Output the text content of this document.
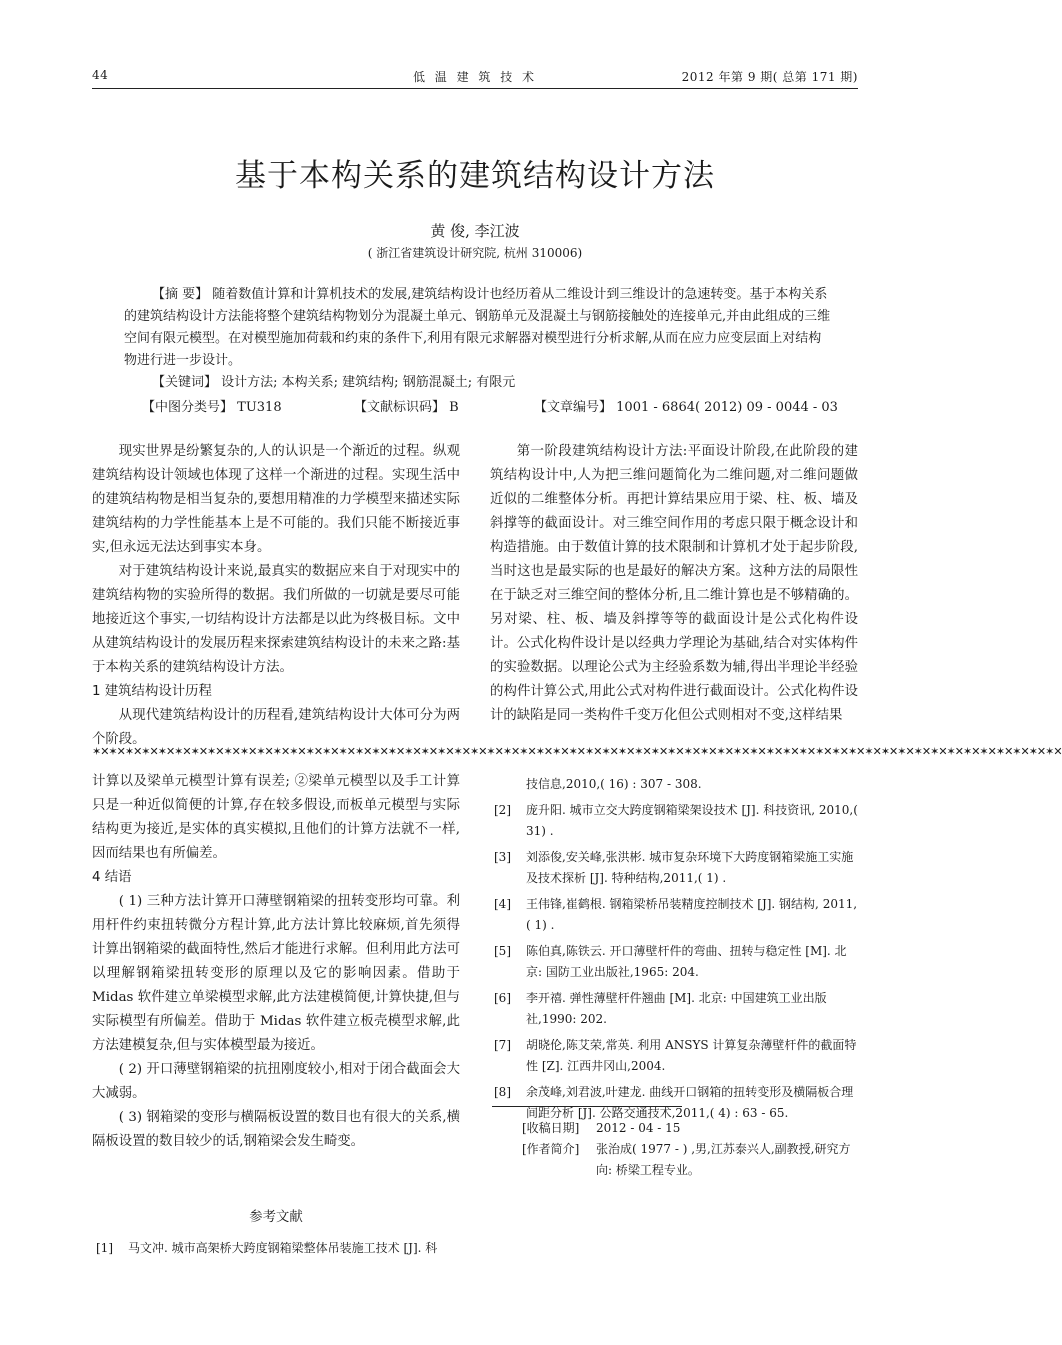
44	低 温 建 筑 技 术	2012 年第 9 期( 总第 171 期)
基于本构关系的建筑结构设计方法
黄 俊, 李江波
( 浙江省建筑设计研究院, 杭州 310006)

【摘 要】 随着数值计算和计算机技术的发展,建筑结构设计也经历着从二维设计到三维设计的急速转变。基于本构关系的建筑结构设计方法能将整个建筑结构物划分为混凝土单元、钢筋单元及混凝土与钢筋接触处的连接单元,并由此组成的三维空间有限元模型。在对模型施加荷载和约束的条件下,利用有限元求解器对模型进行分析求解,从而在应力应变层面上对结构物进行进一步设计。

【关键词】 设计方法; 本构关系; 建筑结构; 钢筋混凝土; 有限元

【中图分类号】 TU318	【文献标识码】 B	【文章编号】 1001 - 6864( 2012) 09 - 0044 - 03

现实世界是纷繁复杂的,人的认识是一个渐近的过程。纵观建筑结构设计领域也体现了这样一个渐进的过程。实现生活中的建筑结构物是相当复杂的,要想用精准的力学模型来描述实际建筑结构的力学性能基本上是不可能的。我们只能不断接近事实,但永远无法达到事实本身。

对于建筑结构设计来说,最真实的数据应来自于对现实中的建筑结构物的实验所得的数据。我们所做的一切就是要尽可能地接近这个事实,一切结构设计方法都是以此为终极目标。文中从建筑结构设计的发展历程来探索建筑结构设计的未来之路:基于本构关系的建筑结构设计方法。

1 建筑结构设计历程

从现代建筑结构设计的历程看,建筑结构设计大体可分为两个阶段。

第一阶段建筑结构设计方法:平面设计阶段,在此阶段的建筑结构设计中,人为把三维问题简化为二维问题,对二维问题做近似的二维整体分析。再把计算结果应用于梁、柱、板、墙及斜撑等的截面设计。对三维空间作用的考虑只限于概念设计和构造措施。由于数值计算的技术限制和计算机才处于起步阶段,当时这也是最实际的也是最好的解决方案。这种方法的局限性在于缺乏对三维空间的整体分析,且二维计算也是不够精确的。另对梁、柱、板、墙及斜撑等等的截面设计是公式化构件设计。公式化构件设计是以经典力学理论为基础,结合对实体构件的实验数据。以理论公式为主经验系数为辅,得出半理论半经验的构件计算公式,用此公式对构件进行截面设计。公式化构件设计的缺陷是同一类构件千变万化但公式则相对不变,这样结果

✶✕✶✕✶✕✶✕✶✕✶✕✶✕✶✕✶✕✶✕✶✕✶✕✶✕✶✕✶✕✶✕✶✕✶✕✶✕✶✕✶✕✶✕✶✕✶✕✶✕✶✕✶✕✶✕✶✕✶✕✶✕✶✕✶✕✶✕✶✕✶✕✶✕✶✕✶✕✶✕✶✕✶✕✶✕✶✕✶✕✶✕✶✕✶✕✶✕✶✕✶✕✶✕✶✕✶✕✶✕✶✕✶✕✶✕✶✕

计算以及梁单元模型计算有误差; ②梁单元模型以及手工计算只是一种近似简便的计算,存在较多假设,而板单元模型与实际结构更为接近,是实体的真实模拟,且他们的计算方法就不一样,因而结果也有所偏差。

4 结语

( 1) 三种方法计算开口薄壁钢箱梁的扭转变形均可靠。利用杆件约束扭转微分方程计算,此方法计算比较麻烦,首先须得计算出钢箱梁的截面特性,然后才能进行求解。但利用此方法可以理解钢箱梁扭转变形的原理以及它的影响因素。借助于 Midas 软件建立单梁模型求解,此方法建模简便,计算快捷,但与实际模型有所偏差。借助于 Midas 软件建立板壳模型求解,此方法建模复杂,但与实体模型最为接近。

( 2) 开口薄壁钢箱梁的抗扭刚度较小,相对于闭合截面会大大减弱。

( 3) 钢箱梁的变形与横隔板设置的数目也有很大的关系,横隔板设置的数目较少的话,钢箱梁会发生畸变。

参考文献
[1] 马文冲. 城市高架桥大跨度钢箱梁整体吊装施工技术 [J]. 科
技信息,2010,( 16) : 307 - 308.
[2] 庞升阳. 城市立交大跨度钢箱梁架设技术 [J]. 科技资讯, 2010,( 31) .
[3] 刘添俊,安关峰,张洪彬. 城市复杂环境下大跨度钢箱梁施工实施及技术探析 [J]. 特种结构,2011,( 1) .
[4] 王伟锋,崔鹤根. 钢箱梁桥吊装精度控制技术 [J]. 钢结构, 2011,( 1) .
[5] 陈伯真,陈铁云. 开口薄壁杆件的弯曲、扭转与稳定性 [M]. 北京: 国防工业出版社,1965: 204.
[6] 李开禧. 弹性薄壁杆件翘曲 [M]. 北京: 中国建筑工业出版社,1990: 202.
[7] 胡晓伦,陈艾荣,常英. 利用 ANSYS 计算复杂薄壁杆件的截面特性 [Z]. 江西井冈山,2004.
[8] 余茂峰,刘君波,叶建龙. 曲线开口钢箱的扭转变形及横隔板合理间距分析 [J]. 公路交通技术,2011,( 4) : 63 - 65.
[收稿日期]	2012 - 04 - 15
[作者简介]	张治成( 1977 - ) ,男,江苏泰兴人,副教授,研究方向: 桥梁工程专业。
